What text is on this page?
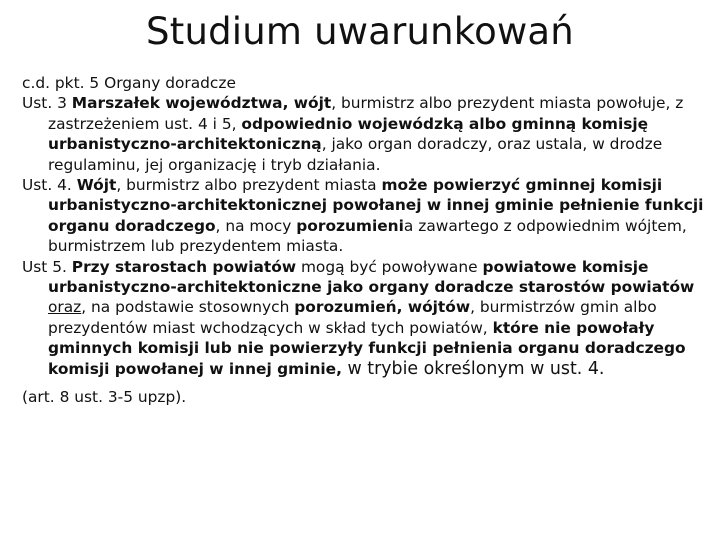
Studium uwarunkowań

c.d. pkt. 5 Organy doradcze

Ust. 3 Marszałek województwa, wójt, burmistrz albo prezydent miasta powołuje, z zastrzeżeniem ust. 4 i 5, odpowiednio wojewódzką albo gminną komisję urbanistyczno-architektoniczną, jako organ doradczy, oraz ustala, w drodze regulaminu, jej organizację i tryb działania.

Ust. 4. Wójt, burmistrz albo prezydent miasta może powierzyć gminnej komisji urbanistyczno-architektonicznej powołanej w innej gminie pełnienie funkcji organu doradczego, na mocy porozumienia zawartego z odpowiednim wójtem, burmistrzem lub prezydentem miasta.

Ust 5. Przy starostach powiatów mogą być powoływane powiatowe komisje urbanistyczno-architektoniczne jako organy doradcze starostów powiatów oraz, na podstawie stosownych porozumień, wójtów, burmistrzów gmin albo prezydentów miast wchodzących w skład tych powiatów, które nie powołały gminnych komisji lub nie powierzyły funkcji pełnienia organu doradczego komisji powołanej w innej gminie, w trybie określonym w ust. 4.

(art. 8 ust. 3-5 upzp).
